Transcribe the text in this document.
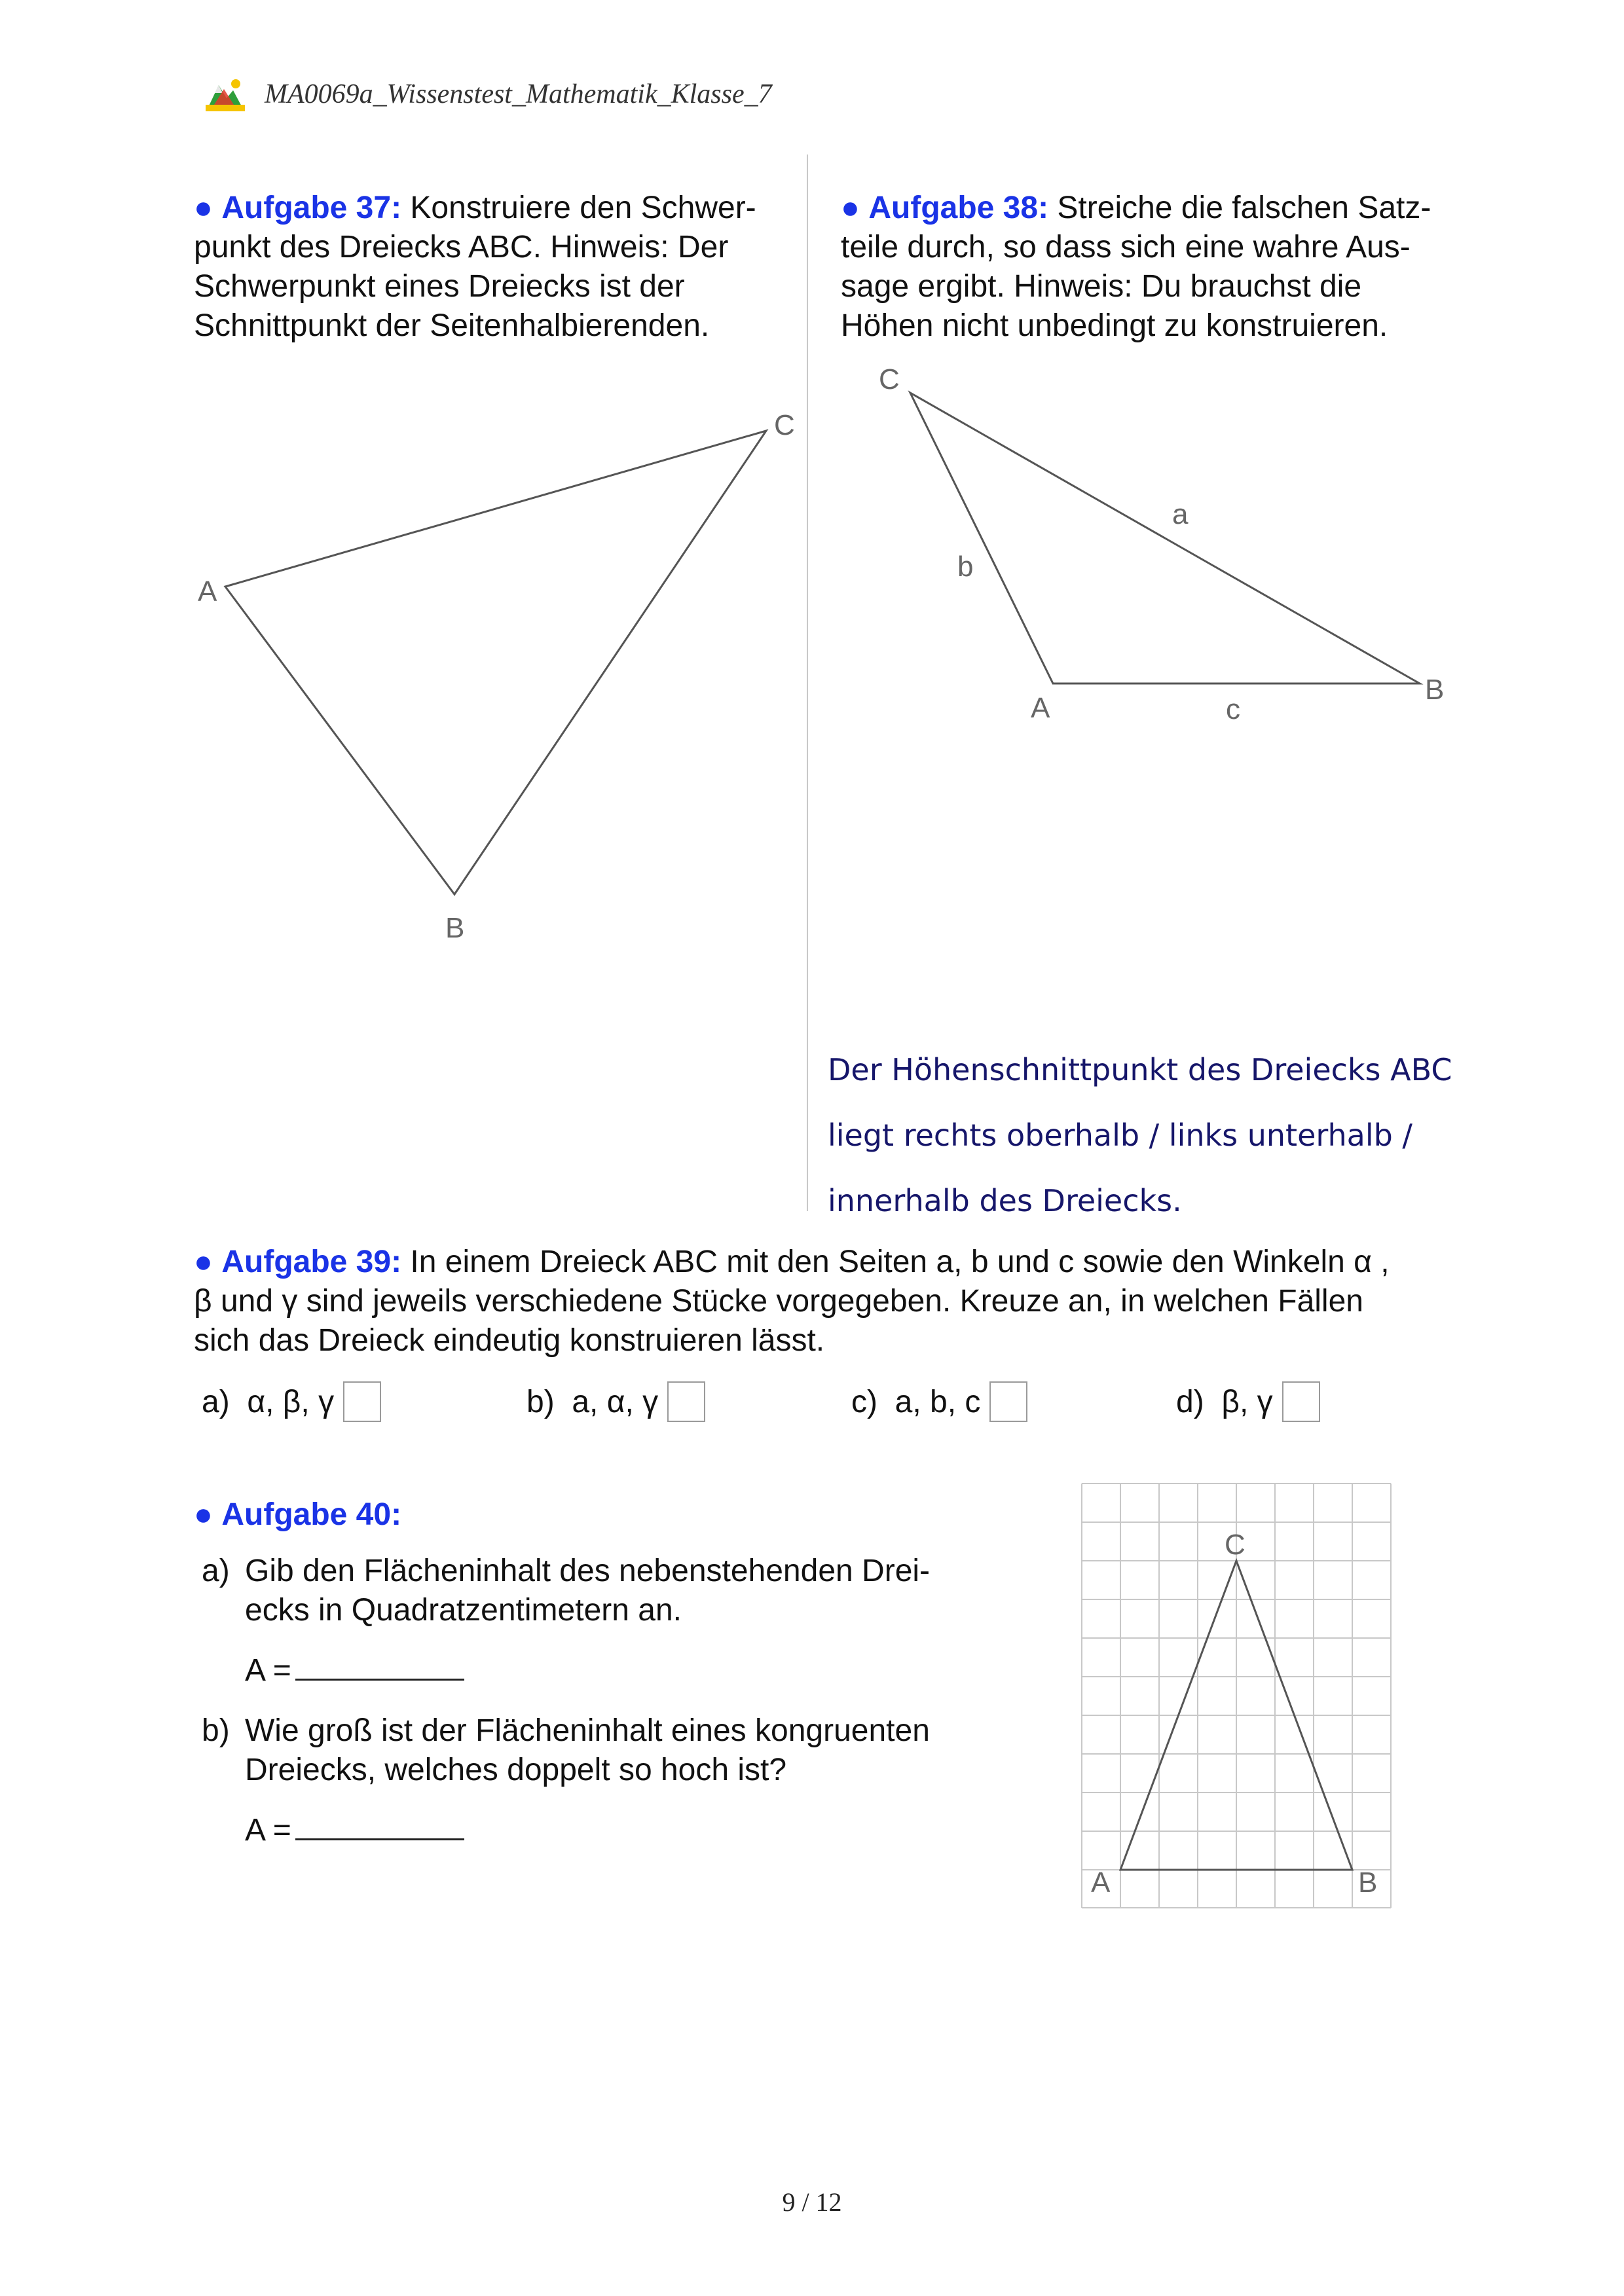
MA0069a_Wissenstest_Mathematik_Klasse_7
● Aufgabe 37: Konstruiere den Schwer-
punkt des Dreiecks ABC. Hinweis: Der
Schwerpunkt eines Dreiecks ist der
Schnittpunkt der Seitenhalbierenden.
A
C
B
C
A
B
b
a
c
C
A	B
● Aufgabe 38: Streiche die falschen Satz-
teile durch, so dass sich eine wahre Aus-
sage ergibt. Hinweis: Du brauchst die
Höhen nicht unbedingt zu konstruieren.
Der Höhenschnittpunkt des Dreiecks ABC
liegt rechts oberhalb / links unterhalb /
innerhalb des Dreiecks.
● Aufgabe 39: In einem Dreieck ABC mit den Seiten a, b und c sowie den Winkeln α ,
β und γ sind jeweils verschiedene Stücke vorgegeben. Kreuze an, in welchen Fällen
sich das Dreieck eindeutig konstruieren lässt.
a)
α, β, γ	b)
a, α, γ	c)
a, b, c	d)
β, γ
● Aufgabe 40:
a) Gib den Flächeninhalt des nebenstehenden Drei-
ecks in Quadratzentimetern an.
A =
b) Wie groß ist der Flächeninhalt eines kongruenten
Dreiecks, welches doppelt so hoch ist?
A =
9 / 12
